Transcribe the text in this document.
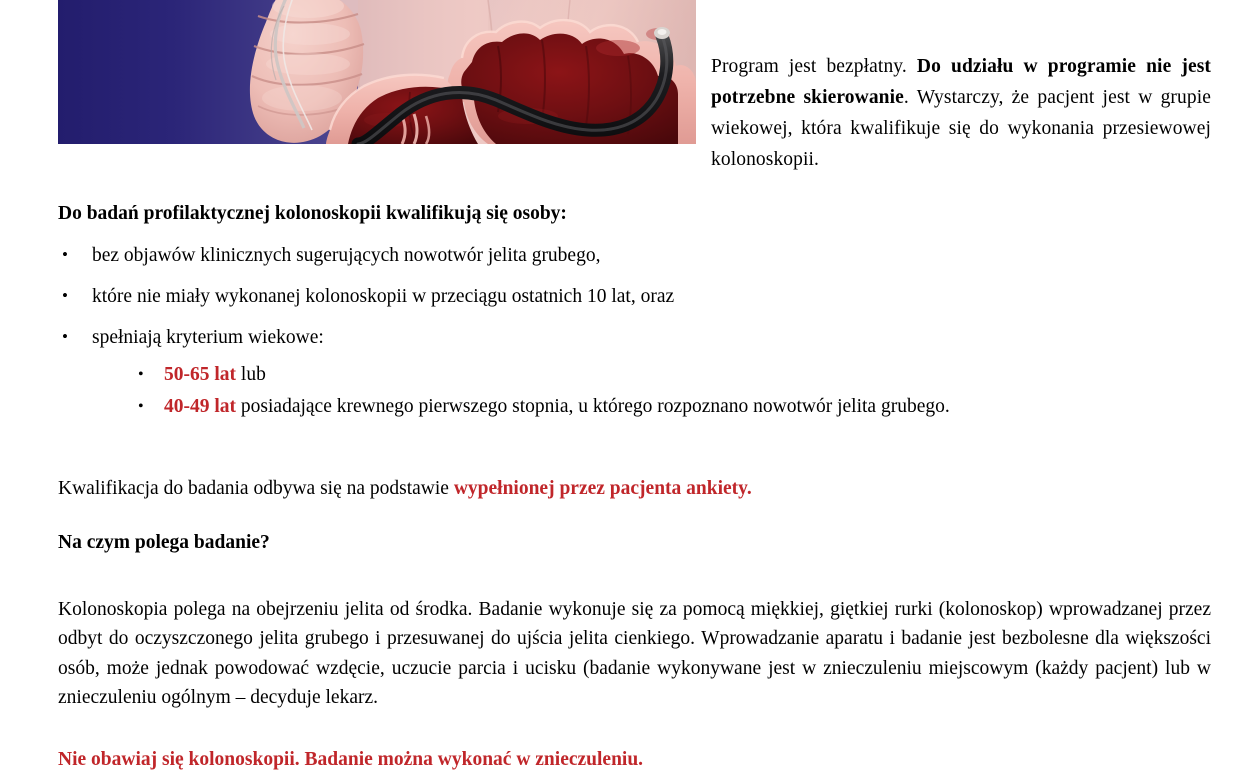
Program jest bezpłatny. Do udziału w programie nie jest potrzebne skierowanie. Wystarczy, że pacjent jest w grupie wiekowej, która kwalifikuje się do wykonania przesiewowej kolonoskopii.

Do badań profilaktycznej kolonoskopii kwalifikują się osoby:
• bez objawów klinicznych sugerujących nowotwór jelita grubego,
• które nie miały wykonanej kolonoskopii w przeciągu ostatnich 10 lat, oraz
• spełniają kryterium wiekowe:
• 50-65 lat lub
• 40-49 lat posiadające krewnego pierwszego stopnia, u którego rozpoznano nowotwór jelita grubego.

Kwalifikacja do badania odbywa się na podstawie wypełnionej przez pacjenta ankiety.

Na czym polega badanie?

Kolonoskopia polega na obejrzeniu jelita od środka. Badanie wykonuje się za pomocą miękkiej, giętkiej rurki (kolonoskop) wprowadzanej przez odbyt do oczyszczonego jelita grubego i przesuwanej do ujścia jelita cienkiego. Wprowadzanie aparatu i badanie jest bezbolesne dla większości osób, może jednak powodować wzdęcie, uczucie parcia i ucisku (badanie wykonywane jest w znieczuleniu miejscowym (każdy pacjent) lub w znieczuleniu ogólnym – decyduje lekarz.

Nie obawiaj się kolonoskopii. Badanie można wykonać w znieczuleniu.
